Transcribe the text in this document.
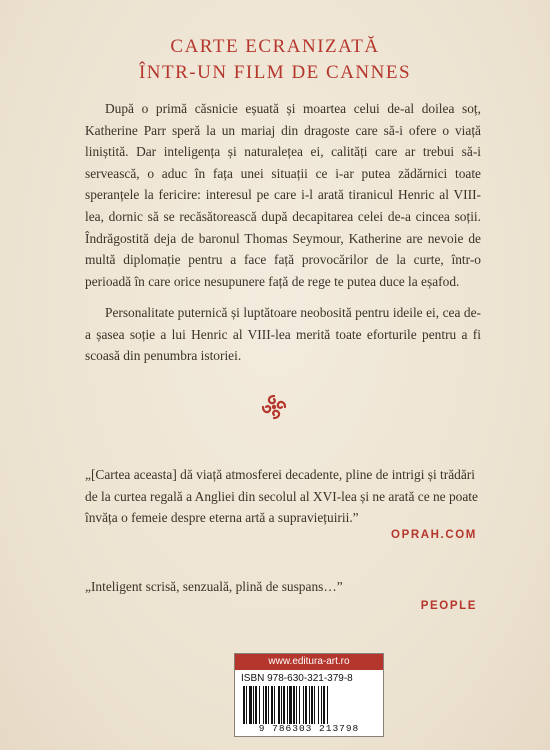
CARTE ECRANIZATĂ
ÎNTR-UN FILM DE CANNES

După o primă căsnicie eșuată și moartea celui de-al doilea soț, Katherine Parr speră la un mariaj din dragoste care să-i ofere o viață liniștită. Dar inteligența și naturalețea ei, calități care ar trebui să-i servească, o aduc în fața unei situații ce i-ar putea zădărnici toate speranțele la fericire: interesul pe care i-l arată tiranicul Henric al VIII-lea, dornic să se recăsătorească după decapitarea celei de-a cincea soții. Îndrăgostită deja de baronul Thomas Seymour, Katherine are nevoie de multă diplomație pentru a face față provocărilor de la curte, într-o perioadă în care orice nesupunere față de rege te putea duce la eșafod.

Personalitate puternică și luptătoare neobosită pentru ideile ei, cea de-a șasea soție a lui Henric al VIII-lea merită toate eforturile pentru a fi scoasă din penumbra istoriei.

„[Cartea aceasta] dă viață atmosferei decadente, pline de intrigi și trădări de la curtea regală a Angliei din secolul al XVI-lea și ne arată ce ne poate învăța o femeie despre eterna artă a supraviețuirii.”

OPRAH.COM

„Inteligent scrisă, senzuală, plină de suspans…”

PEOPLE
www.editura-art.ro
ISBN 978-630-321-379-8
9 786303 213798
